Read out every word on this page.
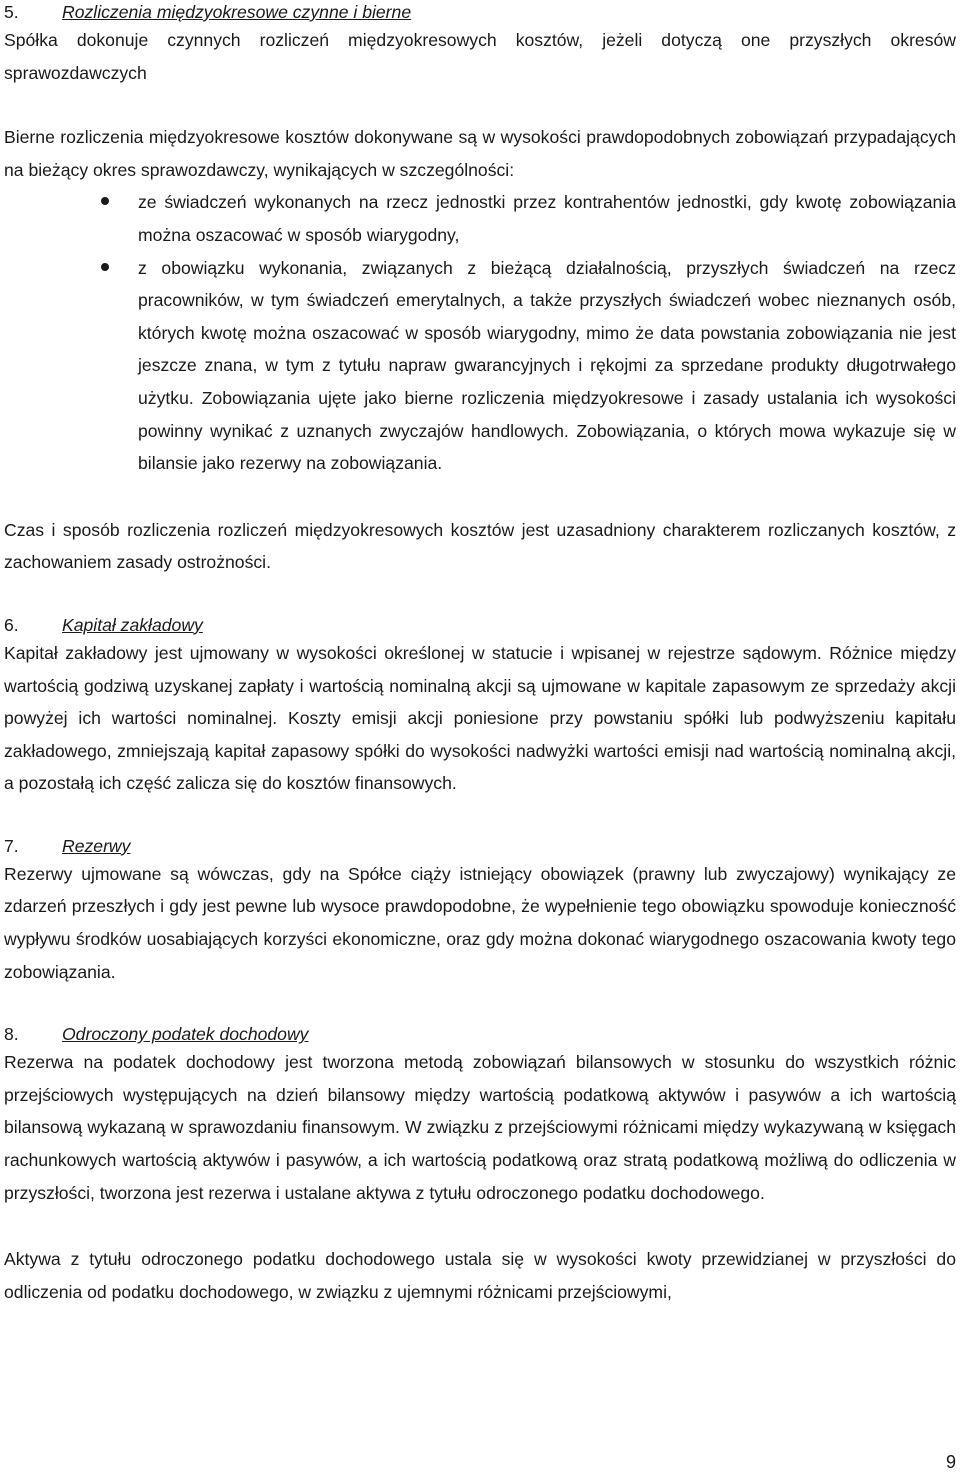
5.	Rozliczenia międzyokresowe czynne i bierne

Spółka dokonuje czynnych rozliczeń międzyokresowych kosztów, jeżeli dotyczą one przyszłych okresów sprawozdawczych

Bierne rozliczenia międzyokresowe kosztów dokonywane są w wysokości prawdopodobnych zobowiązań przypadających na bieżący okres sprawozdawczy, wynikających w szczególności:

ze świadczeń wykonanych na rzecz jednostki przez kontrahentów jednostki, gdy kwotę zobowiązania można oszacować w sposób wiarygodny,
z obowiązku wykonania, związanych z bieżącą działalnością, przyszłych świadczeń na rzecz pracowników, w tym świadczeń emerytalnych, a także przyszłych świadczeń wobec nieznanych osób, których kwotę można oszacować w sposób wiarygodny, mimo że data powstania zobowiązania nie jest jeszcze znana, w tym z tytułu napraw gwarancyjnych i rękojmi za sprzedane produkty długotrwałego użytku. Zobowiązania ujęte jako bierne rozliczenia międzyokresowe i zasady ustalania ich wysokości powinny wynikać z uznanych zwyczajów handlowych. Zobowiązania, o których mowa wykazuje się w bilansie jako rezerwy na zobowiązania.

Czas i sposób rozliczenia rozliczeń międzyokresowych kosztów jest uzasadniony charakterem rozliczanych kosztów, z zachowaniem zasady ostrożności.

6.	Kapitał zakładowy

Kapitał zakładowy jest ujmowany w wysokości określonej w statucie i wpisanej w rejestrze sądowym. Różnice między wartością godziwą uzyskanej zapłaty i wartością nominalną akcji są ujmowane w kapitale zapasowym ze sprzedaży akcji powyżej ich wartości nominalnej. Koszty emisji akcji poniesione przy powstaniu spółki lub podwyższeniu kapitału zakładowego, zmniejszają kapitał zapasowy spółki do wysokości nadwyżki wartości emisji nad wartością nominalną akcji, a pozostałą ich część zalicza się do kosztów finansowych.

7.	Rezerwy

Rezerwy ujmowane są wówczas, gdy na Spółce ciąży istniejący obowiązek (prawny lub zwyczajowy) wynikający ze zdarzeń przeszłych i gdy jest pewne lub wysoce prawdopodobne, że wypełnienie tego obowiązku spowoduje konieczność wypływu środków uosabiających korzyści ekonomiczne, oraz gdy można dokonać wiarygodnego oszacowania kwoty tego zobowiązania.

8.	Odroczony podatek dochodowy

Rezerwa na podatek dochodowy jest tworzona metodą zobowiązań bilansowych w stosunku do wszystkich różnic przejściowych występujących na dzień bilansowy między wartością podatkową aktywów i pasywów a ich wartością bilansową wykazaną w sprawozdaniu finansowym. W związku z przejściowymi różnicami między wykazywaną w księgach rachunkowych wartością aktywów i pasywów, a ich wartością podatkową oraz stratą podatkową możliwą do odliczenia w przyszłości, tworzona jest rezerwa i ustalane aktywa z tytułu odroczonego podatku dochodowego.

Aktywa z tytułu odroczonego podatku dochodowego ustala się w wysokości kwoty przewidzianej w przyszłości do odliczenia od podatku dochodowego, w związku z ujemnymi różnicami przejściowymi,

9
